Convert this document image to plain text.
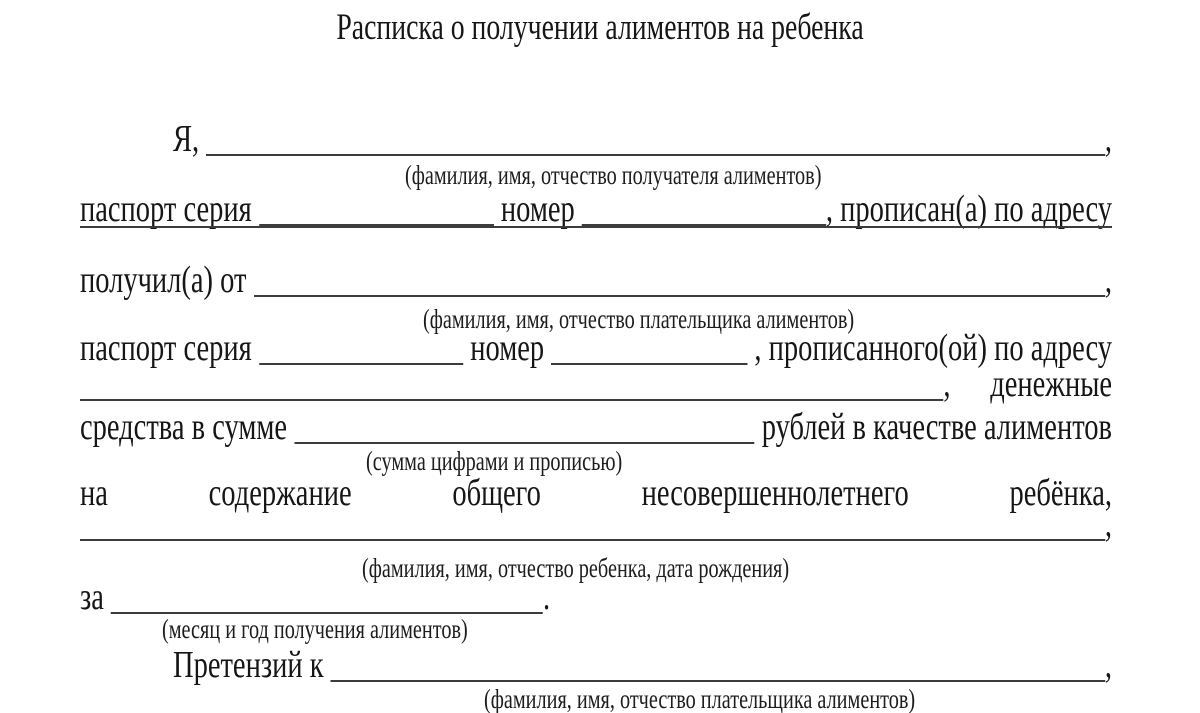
Расписка о получении алиментов на ребенка
Я,	,
(фамилия, имя, отчество получателя алиментов)
паспорт серия	номер	, прописан(а) по адресу
получил(а) от	,
(фамилия, имя, отчество плательщика алиментов)
паспорт серия	номер	, прописанного(ой) по адресу
, денежные
средства в сумме	рублей в качестве алиментов
(сумма цифрами и прописью)
на	содержание	общего	несовершеннолетнего	ребёнка,
,
(фамилия, имя, отчество ребенка, дата рождения)
за	.
(месяц и год получения алиментов)
Претензий к	,
(фамилия, имя, отчество плательщика алиментов)
